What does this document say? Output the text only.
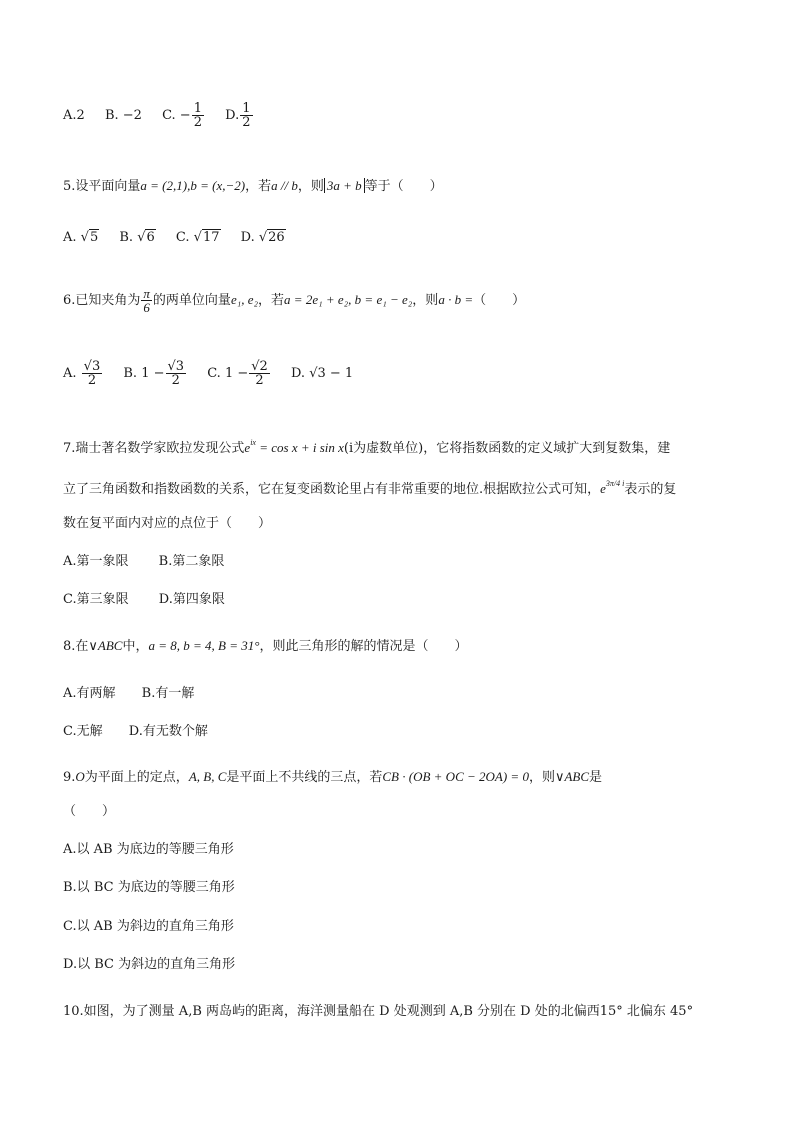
A.2 B. −2 C. − $\frac{1}{2} D$. $\frac{1}{2}$
5.设平面向量a = (2,1),b = (x,−2)，若a // b，则 3a + b 等于（　　）
A. √5 B. √6 C. √17 D. √26
6.已知夹角为 $\frac{\pi}{6}$ 的两单位向量e₁, e₂，若a = 2e₁ + e₂, b = e₁ − e₂，则a · b =（　　）
A. $\frac{√3}{2} B$. $1 - \frac{√3}{2} C$. $1 - \frac{√2}{2} D$. √3 − 1
7.瑞士著名数学家欧拉发现公式$e^{ix} = \cos x + i$ sin x(i为虚数单位)，它将指数函数的定义域扩大到复数集，建
立了三角函数和指数函数的关系，它在复变函数论里占有非常重要的地位.根据欧拉公式可知，$e^{3\pi/4 i}$表示的复
数在复平面内对应的点位于（　　）
A.第一象限 B.第二象限
C.第三象限 D.第四象限
8.在∨ABC中，a = 8, b = 4, B = 31°，则此三角形的解的情况是（　　）
A.有两解 B.有一解
C.无解 D.有无数个解
9.O为平面上的定点，A, B, C是平面上不共线的三点，若CB · (OB + OC − 2OA) = 0，则∨ABC是
（　　）
A.以 AB 为底边的等腰三角形
B.以 BC 为底边的等腰三角形
C.以 AB 为斜边的直角三角形
D.以 BC 为斜边的直角三角形
10.如图，为了测量 A,B 两岛屿的距离，海洋测量船在 D 处观测到 A,B 分别在 D 处的北偏西15° 北偏东 45°
